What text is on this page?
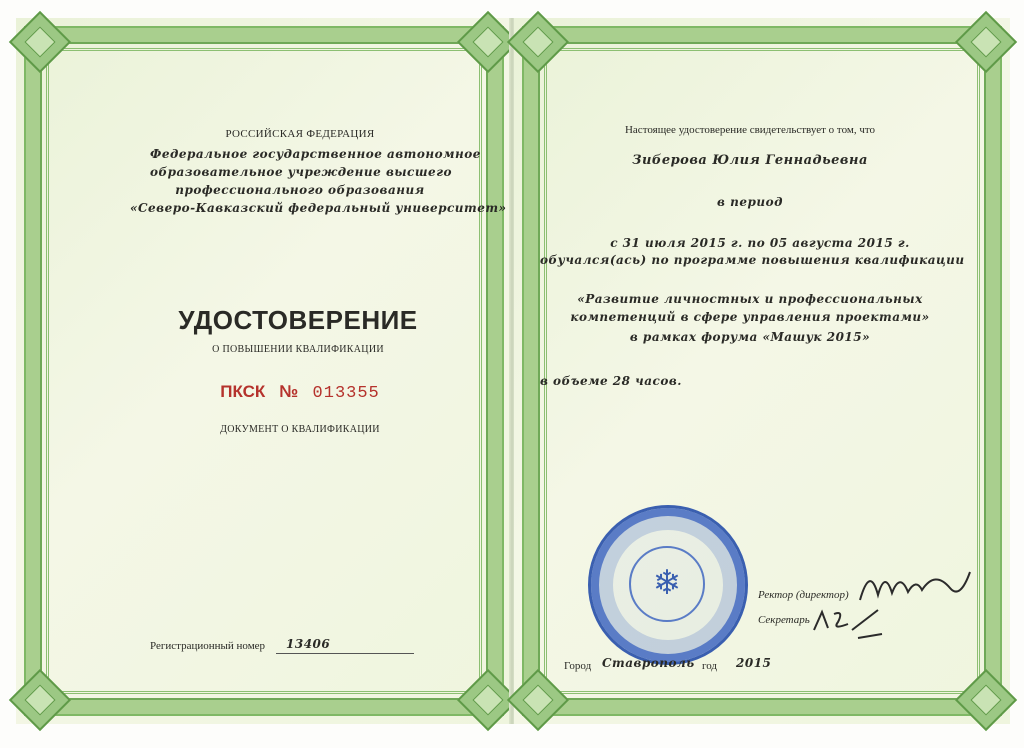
РОССИЙСКАЯ ФЕДЕРАЦИЯ
Федеральное государственное автономное
образовательное учреждение высшего
профессионального образования
«Северо-Кавказский федеральный университет»
УДОСТОВЕРЕНИЕ
О ПОВЫШЕНИИ КВАЛИФИКАЦИИ
ПКСК № 013355
ДОКУМЕНТ О КВАЛИФИКАЦИИ
Регистрационный номер 13406
Настоящее удостоверение свидетельствует о том, что
Зиберова Юлия Геннадьевна
в период
с 31 июля 2015 г. по 05 августа 2015 г.
обучался(ась) по программе повышения квалификации
«Развитие личностных и профессиональных
компетенций в сфере управления проектами»
в рамках форума «Машук 2015»
в объеме 28 часов.
❄	Ректор (директор)
Секретарь
Город Ставрополь год 2015
